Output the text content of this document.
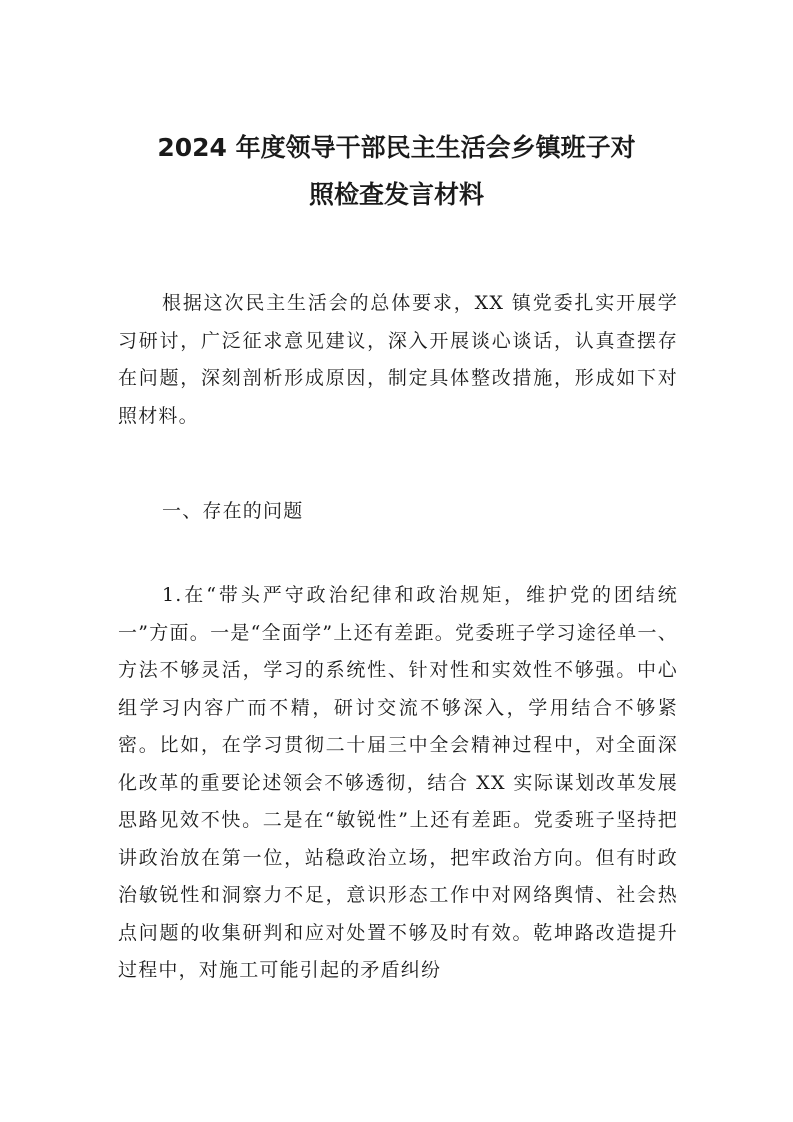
2024 年度领导干部民主生活会乡镇班子对
照检查发言材料

根据这次民主生活会的总体要求，XX 镇党委扎实开展学习研讨，广泛征求意见建议，深入开展谈心谈话，认真查摆存在问题，深刻剖析形成原因，制定具体整改措施，形成如下对照材料。

一、存在的问题

1.在“带头严守政治纪律和政治规矩，维护党的团结统一”方面。一是“全面学”上还有差距。党委班子学习途径单一、方法不够灵活，学习的系统性、针对性和实效性不够强。中心组学习内容广而不精，研讨交流不够深入，学用结合不够紧密。比如，在学习贯彻二十届三中全会精神过程中，对全面深化改革的重要论述领会不够透彻，结合 XX 实际谋划改革发展思路见效不快。二是在“敏锐性”上还有差距。党委班子坚持把讲政治放在第一位，站稳政治立场，把牢政治方向。但有时政治敏锐性和洞察力不足，意识形态工作中对网络舆情、社会热点问题的收集研判和应对处置不够及时有效。乾坤路改造提升过程中，对施工可能引起的矛盾纠纷
